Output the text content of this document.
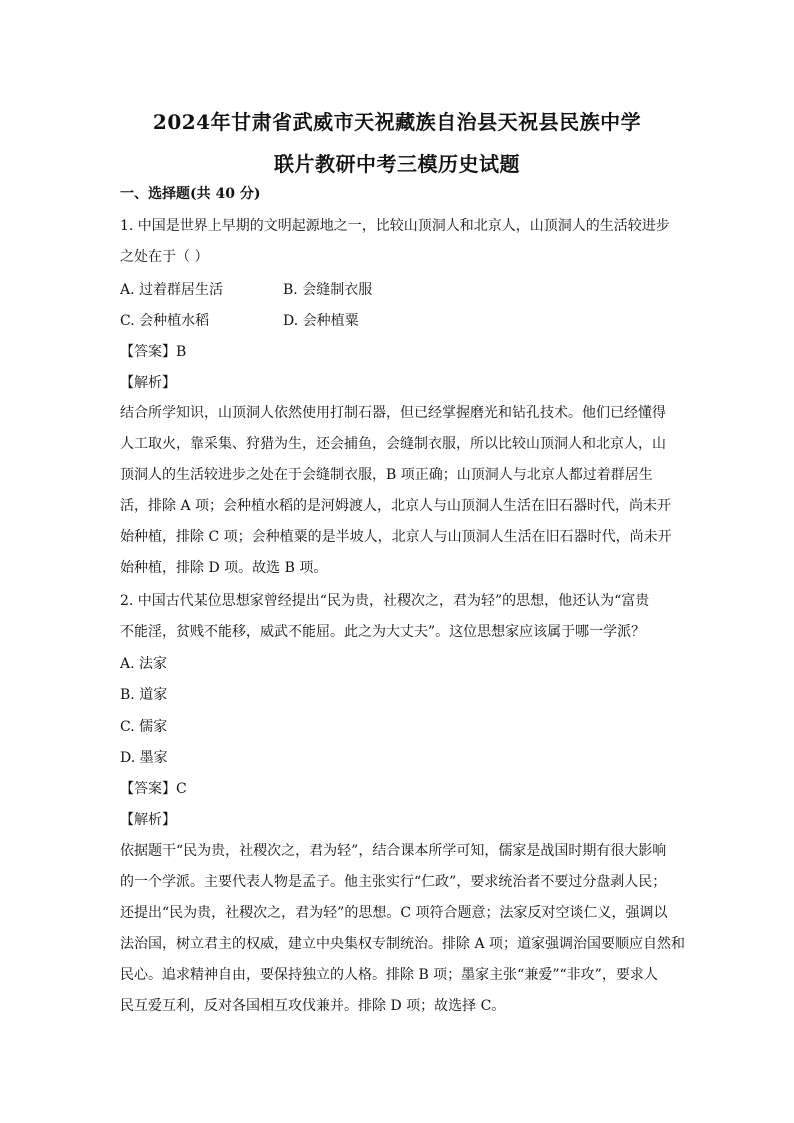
2024年甘肃省武威市天祝藏族自治县天祝县民族中学
联片教研中考三模历史试题
一、选择题(共 40 分)
1. 中国是世界上早期的文明起源地之一，比较山顶洞人和北京人，山顶洞人的生活较进步
之处在于（ ）
A. 过着群居生活	B. 会缝制衣服
C. 会种植水稻	D. 会种植粟
【答案】B
【解析】
结合所学知识，山顶洞人依然使用打制石器，但已经掌握磨光和钻孔技术。他们已经懂得
人工取火，靠采集、狩猎为生，还会捕鱼，会缝制衣服，所以比较山顶洞人和北京人，山
顶洞人的生活较进步之处在于会缝制衣服，B 项正确；山顶洞人与北京人都过着群居生
活，排除 A 项；会种植水稻的是河姆渡人，北京人与山顶洞人生活在旧石器时代，尚未开
始种植，排除 C 项；会种植粟的是半坡人，北京人与山顶洞人生活在旧石器时代，尚未开
始种植，排除 D 项。故选 B 项。
2. 中国古代某位思想家曾经提出“民为贵，社稷次之，君为轻”的思想，他还认为“富贵
不能淫，贫贱不能移，威武不能屈。此之为大丈夫”。这位思想家应该属于哪一学派？
A. 法家
B. 道家
C. 儒家
D. 墨家
【答案】C
【解析】
依据题干“民为贵，社稷次之，君为轻”，结合课本所学可知，儒家是战国时期有很大影响
的一个学派。主要代表人物是孟子。他主张实行“仁政”，要求统治者不要过分盘剥人民；
还提出“民为贵，社稷次之，君为轻”的思想。C 项符合题意；法家反对空谈仁义，强调以
法治国，树立君主的权威，建立中央集权专制统治。排除 A 项；道家强调治国要顺应自然和
民心。追求精神自由，要保持独立的人格。排除 B 项；墨家主张“兼爱”“非攻”，要求人
民互爱互利，反对各国相互攻伐兼并。排除 D 项；故选择 C。
